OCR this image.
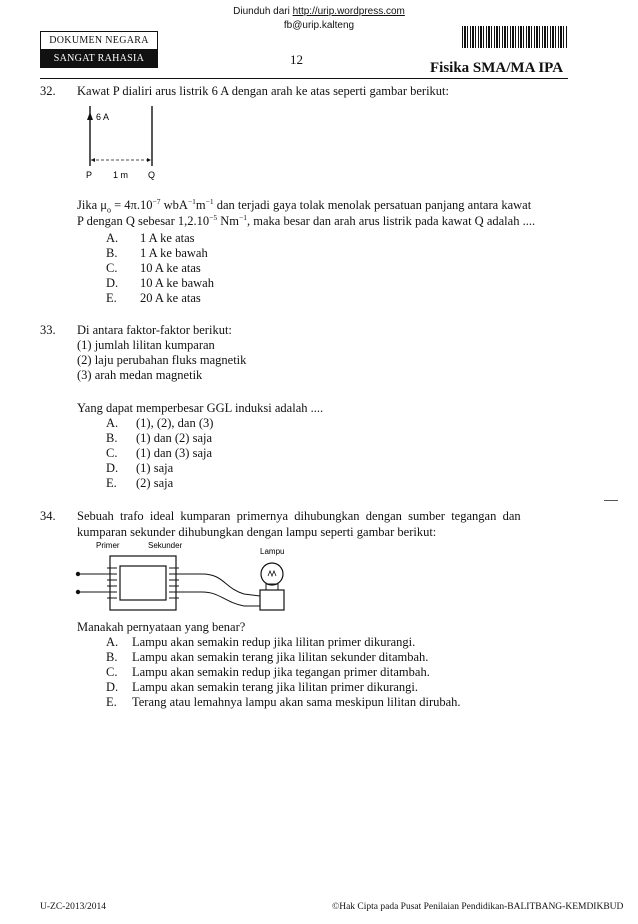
Diunduh dari http://urip.wordpress.com
fb@urip.kalteng
DOKUMEN NEGARA
SANGAT RAHASIA	12
Fisika SMA/MA IPA
32. Kawat P dialiri arus listrik 6 A dengan arah ke atas seperti gambar berikut:
6 A
P 1 m Q
Jika $\mu_o = 4\pi.10^{-7}$ $wbA^{-1}m^{-1}$ dan terjadi gaya tolak menolak persatuan panjang antara kawat
P dengan Q sebesar $1,2.10^{-5}$ $Nm^{-1}$, maka besar dan arah arus listrik pada kawat Q adalah ....
A.	1 A ke atas
B.	1 A ke bawah
C.	10 A ke atas
D.	10 A ke bawah
E.	20 A ke atas
33. Di antara faktor-faktor berikut:
(1) jumlah lilitan kumparan
(2) laju perubahan fluks magnetik
(3) arah medan magnetik
Yang dapat memperbesar GGL induksi adalah ....
A.	(1), (2), dan (3)
B.	(1) dan (2) saja
C.	(1) dan (3) saja
D.	(1) saja
E.	(2) saja
34. Sebuah  trafo  ideal  kumparan  primernya  dihubungkan  dengan  sumber  tegangan  dan
kumparan sekunder dihubungkan dengan lampu seperti gambar berikut:
Primer	Sekunder
Lampu
Manakah pernyataan yang benar?
A.	Lampu akan semakin redup jika lilitan primer dikurangi.
B.	Lampu akan semakin terang jika lilitan sekunder ditambah.
C.	Lampu akan semakin redup jika tegangan primer ditambah.
D.	Lampu akan semakin terang jika lilitan primer dikurangi.
E.	Terang atau lemahnya lampu akan sama meskipun lilitan dirubah.
U-ZC-2013/2014	©Hak Cipta pada Pusat Penilaian Pendidikan-BALITBANG-KEMDIKBUD
